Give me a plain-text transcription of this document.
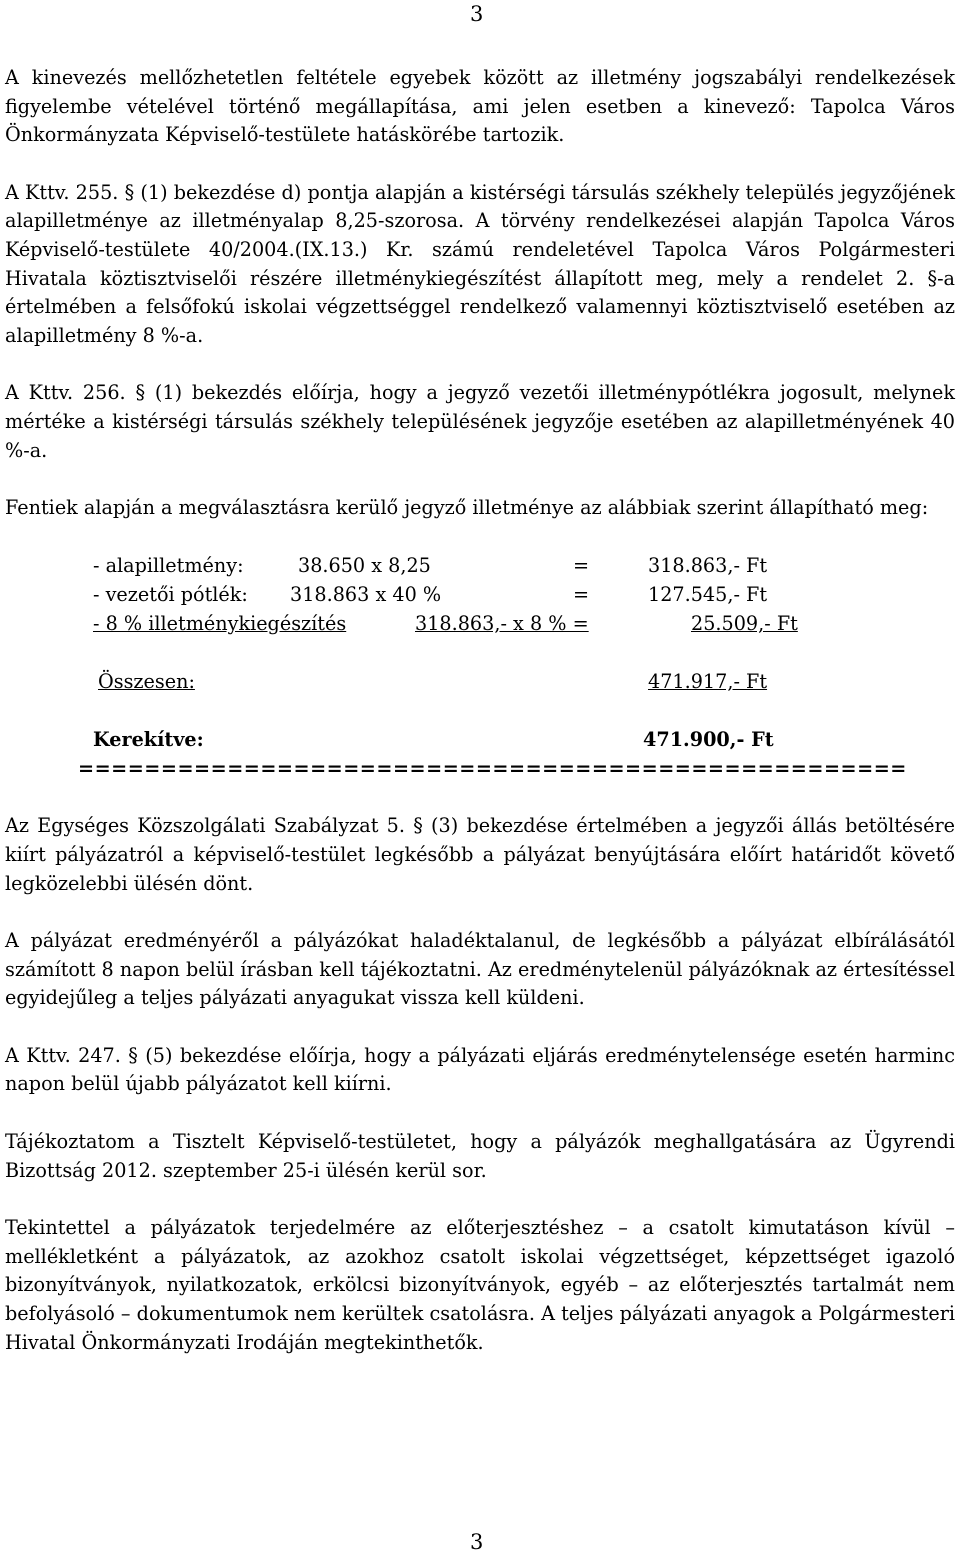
3

A kinevezés mellőzhetetlen feltétele egyebek között az illetmény jogszabályi rendelkezések figyelembe vételével történő megállapítása, ami jelen esetben a kinevező: Tapolca Város Önkormányzata Képviselő-testülete hatáskörébe tartozik.

A Kttv. 255. § (1) bekezdése d) pontja alapján a kistérségi társulás székhely település jegyzőjének alapilletménye az illetményalap 8,25-szorosa. A törvény rendelkezései alapján Tapolca Város Képviselő-testülete 40/2004.(IX.13.) Kr. számú rendeletével Tapolca Város Polgármesteri Hivatala köztisztviselői részére illetménykiegészítést állapított meg, mely a rendelet 2. §-a értelmében a felsőfokú iskolai végzettséggel rendelkező valamennyi köztisztviselő esetében az alapilletmény 8 %-a.

A Kttv. 256. § (1) bekezdés előírja, hogy a jegyző vezetői illetménypótlékra jogosult, melynek mértéke a kistérségi társulás székhely településének jegyzője esetében az alapilletményének 40 %-a.

Fentiek alapján a megválasztásra kerülő jegyző illetménye az alábbiak szerint állapítható meg:

- alapilletmény:	38.650 x 8,25	=	318.863,- Ft
- vezetői pótlék: 318.863 x 40 %	=	127.545,- Ft

- 8 % illetménykiegészítés	318.863,- x 8 % =	25.509,- Ft

Összesen:	471.917,- Ft
Kerekítve:	471.900,- Ft
==================================================

Az Egységes Közszolgálati Szabályzat 5. § (3) bekezdése értelmében a jegyzői állás betöltésére kiírt pályázatról a képviselő-testület legkésőbb a pályázat benyújtására előírt határidőt követő legközelebbi ülésén dönt.

A pályázat eredményéről a pályázókat haladéktalanul, de legkésőbb a pályázat elbírálásától számított 8 napon belül írásban kell tájékoztatni. Az eredménytelenül pályázóknak az értesítéssel egyidejűleg a teljes pályázati anyagukat vissza kell küldeni.

A Kttv. 247. § (5) bekezdése előírja, hogy a pályázati eljárás eredménytelensége esetén harminc napon belül újabb pályázatot kell kiírni.

Tájékoztatom a Tisztelt Képviselő-testületet, hogy a pályázók meghallgatására az Ügyrendi Bizottság 2012. szeptember 25-i ülésén kerül sor.

Tekintettel a pályázatok terjedelmére az előterjesztéshez – a csatolt kimutatáson kívül – mellékletként a pályázatok, az azokhoz csatolt iskolai végzettséget, képzettséget igazoló bizonyítványok, nyilatkozatok, erkölcsi bizonyítványok, egyéb – az előterjesztés tartalmát nem befolyásoló – dokumentumok nem kerültek csatolásra. A teljes pályázati anyagok a Polgármesteri Hivatal Önkormányzati Irodáján megtekinthetők.

3
